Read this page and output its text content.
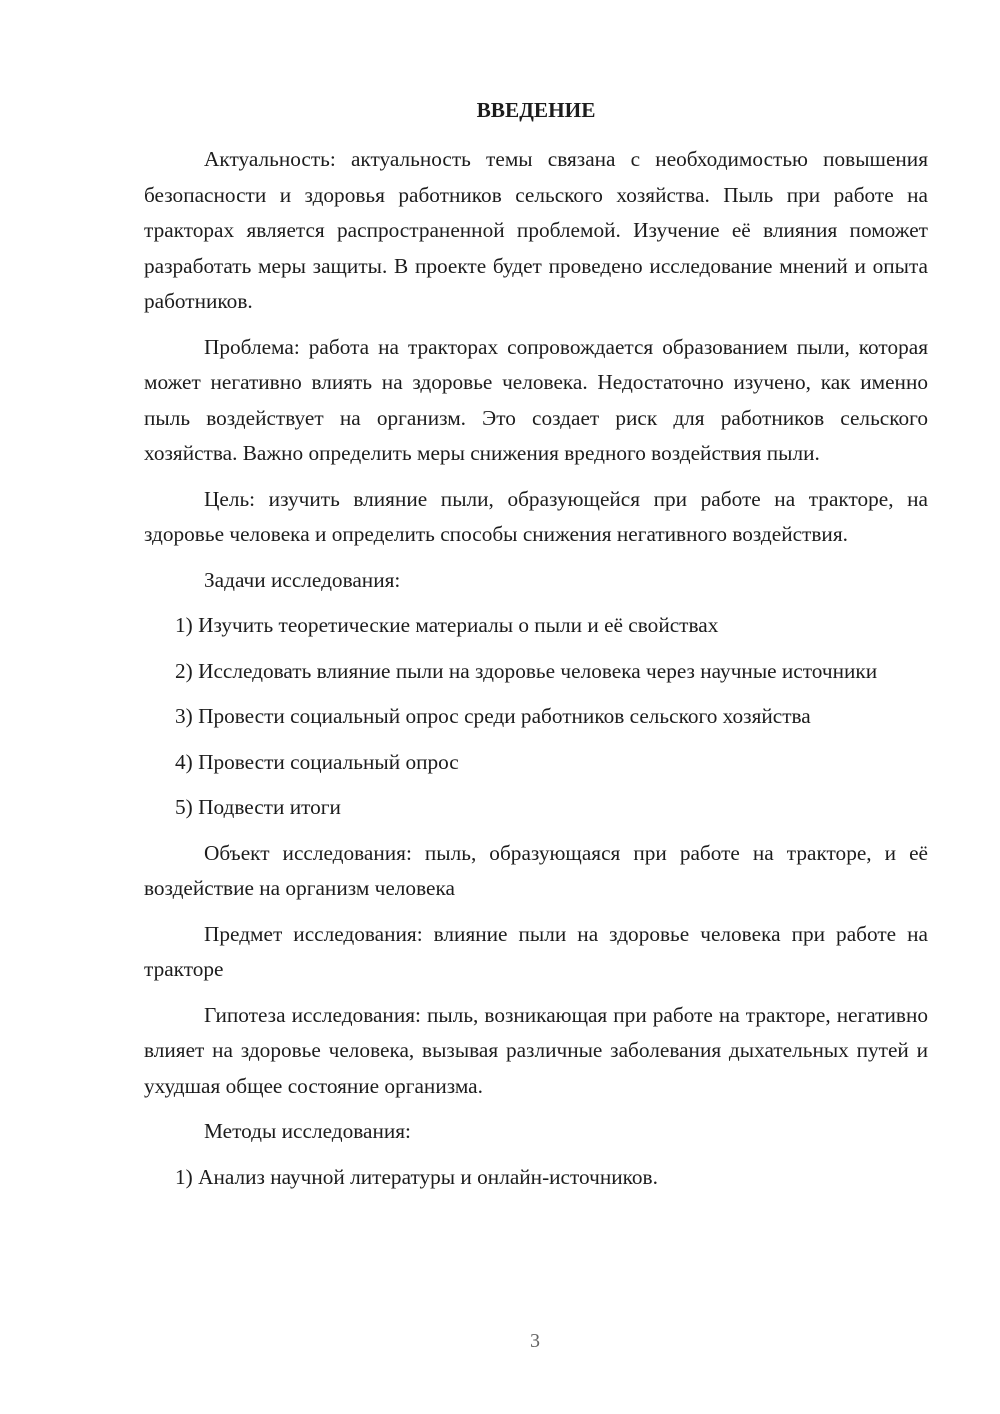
ВВЕДЕНИЕ

Актуальность: актуальность темы связана с необходимостью повышения безопасности и здоровья работников сельского хозяйства. Пыль при работе на тракторах является распространенной проблемой. Изучение её влияния поможет разработать меры защиты. В проекте будет проведено исследование мнений и опыта работников.

Проблема: работа на тракторах сопровождается образованием пыли, которая может негативно влиять на здоровье человека. Недостаточно изучено, как именно пыль воздействует на организм. Это создает риск для работников сельского хозяйства. Важно определить меры снижения вредного воздействия пыли.

Цель: изучить влияние пыли, образующейся при работе на тракторе, на здоровье человека и определить способы снижения негативного воздействия.

Задачи исследования:

1) Изучить теоретические материалы о пыли и её свойствах

2) Исследовать влияние пыли на здоровье человека через научные источники

3) Провести социальный опрос среди работников сельского хозяйства

4) Провести социальный опрос

5) Подвести итоги

Объект исследования: пыль, образующаяся при работе на тракторе, и её воздействие на организм человека

Предмет исследования: влияние пыли на здоровье человека при работе на тракторе

Гипотеза исследования: пыль, возникающая при работе на тракторе, негативно влияет на здоровье человека, вызывая различные заболевания дыхательных путей и ухудшая общее состояние организма.

Методы исследования:

1) Анализ научной литературы и онлайн-источников.

3
